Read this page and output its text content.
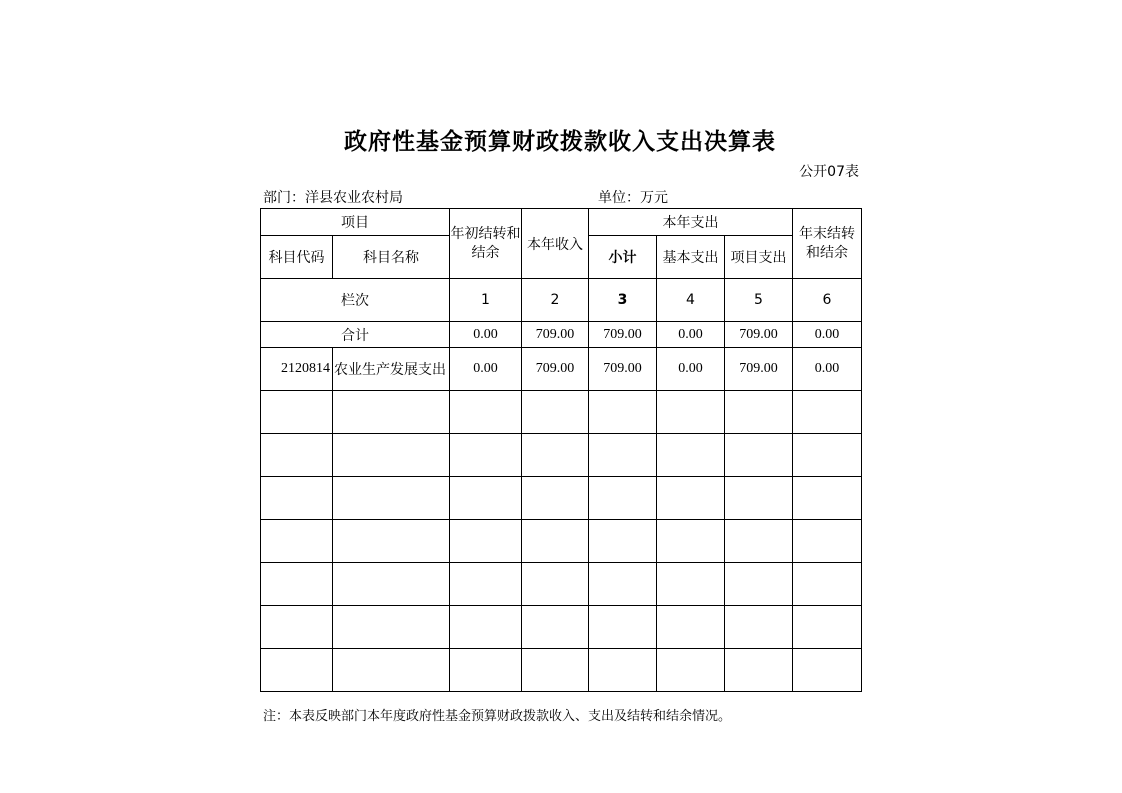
政府性基金预算财政拨款收入支出决算表
公开07表
部门：洋县农业农村局	单位：万元
项目		年初结转和结余	本年收入	本年支出			年末结转和结余
科目代码	科目名称			小计	基本支出	项目支出	
栏次		1	2	3	4	5	6
合计		0.00	709.00	709.00	0.00	709.00	0.00
2120814	农业生产发展支出	0.00	709.00	709.00	0.00	709.00	0.00

注：本表反映部门本年度政府性基金预算财政拨款收入、支出及结转和结余情况。
